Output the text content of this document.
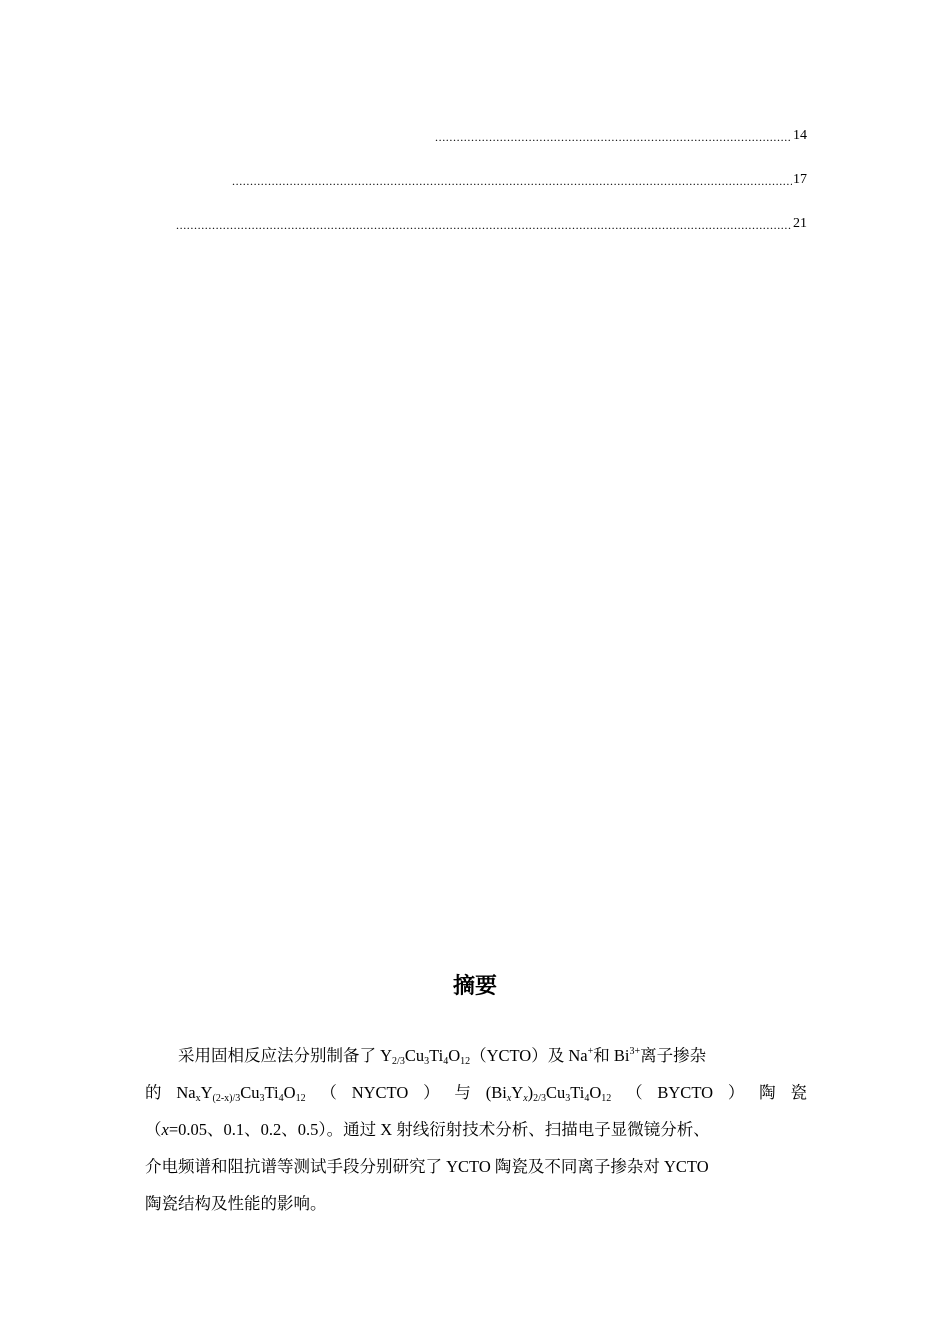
.....
14
.....
17
.....
21
摘要
采用固相反应法分别制备了 $Y_{2/3}Cu_3Ti_4O_{12}(YCTO)$及 Na+和 $Bi^{3+}$离子掺杂
的 $Na_xY_{(2-x)/3}Cu_3Ti_4O_{12}$ （ NYCTO ） 与 $(Bi_xY_x)_{2/3}Cu_3Ti_4O_{12}$ （ BYCTO ） 陶 瓷
（x=0.05、0.1、0.2、0.5）。通过 X 射线衍射技术分析、扫描电子显微镜分析、
介电频谱和阻抗谱等测试手段分别研究了 YCTO 陶瓷及不同离子掺杂对 YCTO
陶瓷结构及性能的影响。
